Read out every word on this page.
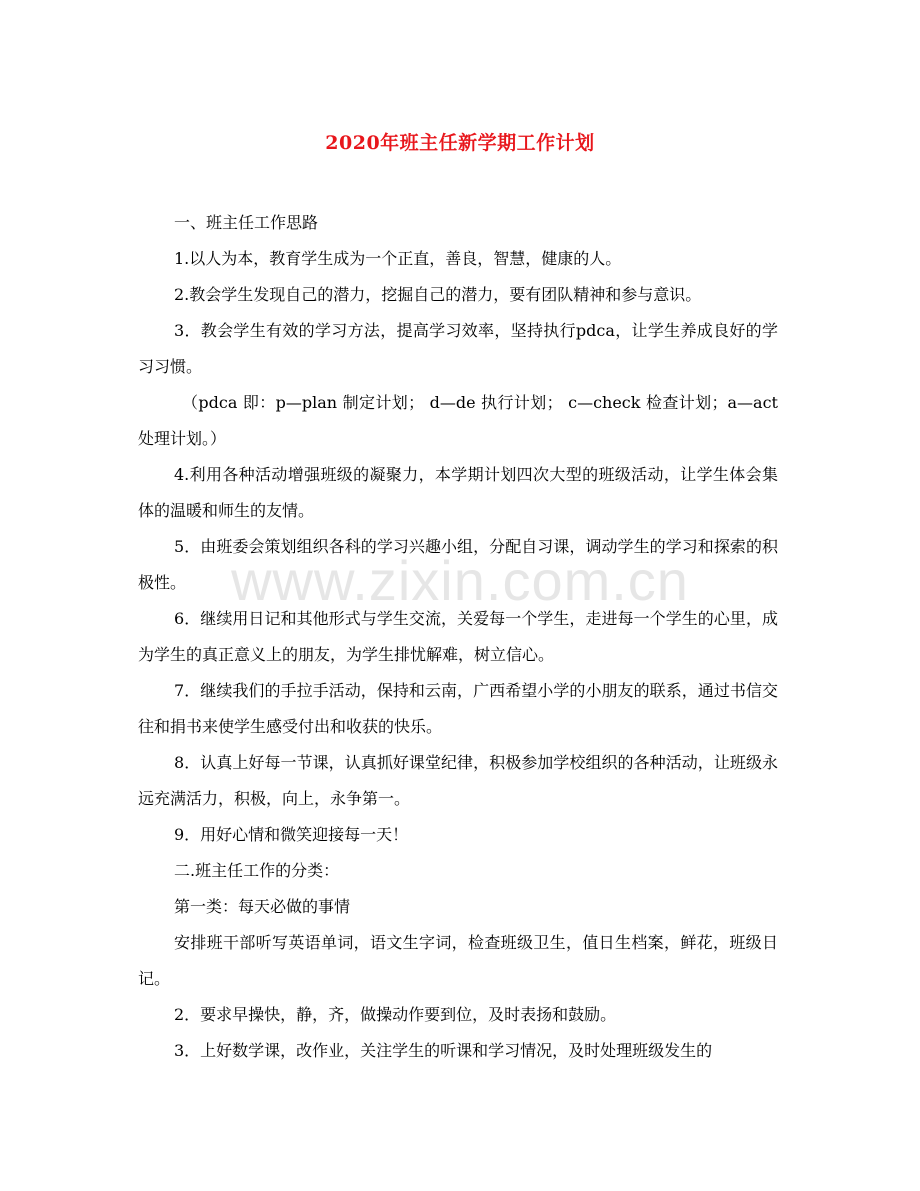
www.zixin.com.cn
2020年班主任新学期工作计划

一、班主任工作思路

1.以人为本，教育学生成为一个正直，善良，智慧，健康的人。

2.教会学生发现自己的潜力，挖掘自己的潜力，要有团队精神和参与意识。

3．教会学生有效的学习方法，提高学习效率，坚持执行pdca，让学生养成良好的学习习惯。

（pdca 即：p—plan 制定计划； d—de 执行计划； c—check 检查计划；a—act 处理计划。）

4.利用各种活动增强班级的凝聚力，本学期计划四次大型的班级活动，让学生体会集体的温暖和师生的友情。

5．由班委会策划组织各科的学习兴趣小组，分配自习课，调动学生的学习和探索的积极性。

6．继续用日记和其他形式与学生交流，关爱每一个学生，走进每一个学生的心里，成为学生的真正意义上的朋友，为学生排忧解难，树立信心。

7．继续我们的手拉手活动，保持和云南，广西希望小学的小朋友的联系，通过书信交往和捐书来使学生感受付出和收获的快乐。

8．认真上好每一节课，认真抓好课堂纪律，积极参加学校组织的各种活动，让班级永远充满活力，积极，向上，永争第一。

9．用好心情和微笑迎接每一天！

二.班主任工作的分类：

第一类：每天必做的事情

安排班干部听写英语单词，语文生字词，检查班级卫生，值日生档案，鲜花，班级日记。

2．要求早操快，静，齐，做操动作要到位，及时表扬和鼓励。

3．上好数学课，改作业，关注学生的听课和学习情况，及时处理班级发生的
